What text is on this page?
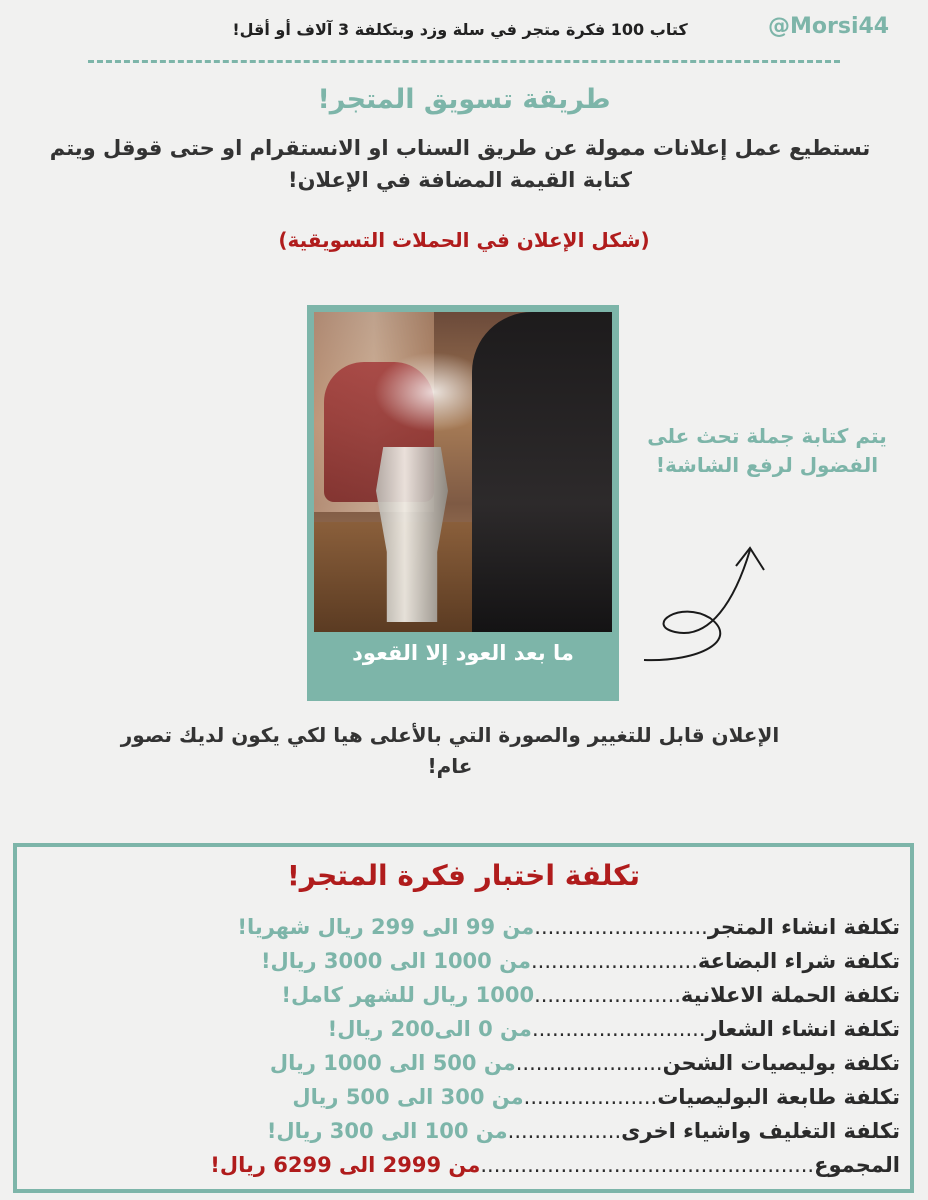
@Morsi44
كتاب 100 فكرة متجر في سلة وزد وبتكلفة 3 آلاف أو أقل!
طريقة تسويق المتجر!
تستطيع عمل إعلانات ممولة عن طريق السناب او الانستقرام او حتى قوقل ويتم كتابة القيمة المضافة في الإعلان!
(شكل الإعلان في الحملات التسويقية)
ما بعد العود إلا القعود
يتم كتابة جملة تحث على الفضول لرفع الشاشة!
الإعلان قابل للتغيير والصورة التي بالأعلى هيا لكي يكون لديك تصور عام!
تكلفة اختبار فكرة المتجر!
تكلفة انشاء المتجر
..........................
من 99 الى 299 ريال شهريا!
تكلفة شراء البضاعة
.........................
من 1000 الى 3000 ريال!
تكلفة الحملة الاعلانية
......................
1000 ريال للشهر كامل!
تكلفة انشاء الشعار
..........................
من 0 الى200 ريال!
تكلفة بوليصيات الشحن
......................
من 500 الى 1000 ريال
تكلفة طابعة البوليصيات
....................
من 300 الى 500 ريال
تكلفة التغليف واشياء اخرى
.................
من 100 الى 300 ريال!
المجموع
..................................................
من 2999 الى 6299 ريال!
